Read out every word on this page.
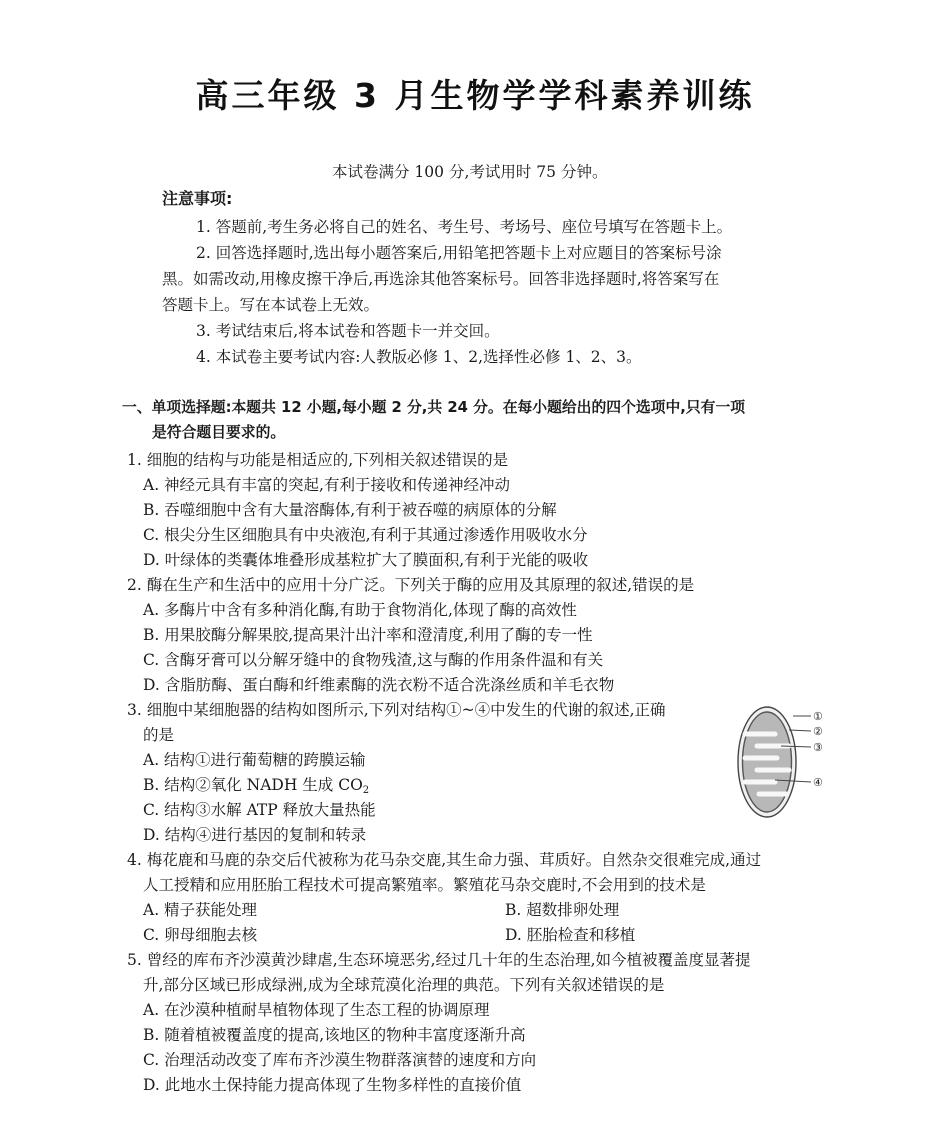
高三年级 3 月生物学学科素养训练
本试卷满分 100 分,考试用时 75 分钟。
注意事项:
1. 答题前,考生务必将自己的姓名、考生号、考场号、座位号填写在答题卡上。
2. 回答选择题时,选出每小题答案后,用铅笔把答题卡上对应题目的答案标号涂
黑。如需改动,用橡皮擦干净后,再选涂其他答案标号。回答非选择题时,将答案写在
答题卡上。写在本试卷上无效。
3. 考试结束后,将本试卷和答题卡一并交回。
4. 本试卷主要考试内容:人教版必修 1、2,选择性必修 1、2、3。
一、单项选择题:本题共 12 小题,每小题 2 分,共 24 分。在每小题给出的四个选项中,只有一项
是符合题目要求的。
1. 细胞的结构与功能是相适应的,下列相关叙述错误的是
A. 神经元具有丰富的突起,有利于接收和传递神经冲动
B. 吞噬细胞中含有大量溶酶体,有利于被吞噬的病原体的分解
C. 根尖分生区细胞具有中央液泡,有利于其通过渗透作用吸收水分
D. 叶绿体的类囊体堆叠形成基粒扩大了膜面积,有利于光能的吸收
2. 酶在生产和生活中的应用十分广泛。下列关于酶的应用及其原理的叙述,错误的是
A. 多酶片中含有多种消化酶,有助于食物消化,体现了酶的高效性
B. 用果胶酶分解果胶,提高果汁出汁率和澄清度,利用了酶的专一性
C. 含酶牙膏可以分解牙缝中的食物残渣,这与酶的作用条件温和有关
D. 含脂肪酶、蛋白酶和纤维素酶的洗衣粉不适合洗涤丝质和羊毛衣物
3. 细胞中某细胞器的结构如图所示,下列对结构①~④中发生的代谢的叙述,正确
的是
A. 结构①进行葡萄糖的跨膜运输
B. 结构②氧化 NADH 生成 $CO_2$
C. 结构③水解 ATP 释放大量热能
D. 结构④进行基因的复制和转录
①
②
③
④
4. 梅花鹿和马鹿的杂交后代被称为花马杂交鹿,其生命力强、茸质好。自然杂交很难完成,通过
人工授精和应用胚胎工程技术可提高繁殖率。繁殖花马杂交鹿时,不会用到的技术是
A. 精子获能处理	B. 超数排卵处理
C. 卵母细胞去核	D. 胚胎检查和移植
5. 曾经的库布齐沙漠黄沙肆虐,生态环境恶劣,经过几十年的生态治理,如今植被覆盖度显著提
升,部分区域已形成绿洲,成为全球荒漠化治理的典范。下列有关叙述错误的是
A. 在沙漠种植耐旱植物体现了生态工程的协调原理
B. 随着植被覆盖度的提高,该地区的物种丰富度逐渐升高
C. 治理活动改变了库布齐沙漠生物群落演替的速度和方向
D. 此地水土保持能力提高体现了生物多样性的直接价值
